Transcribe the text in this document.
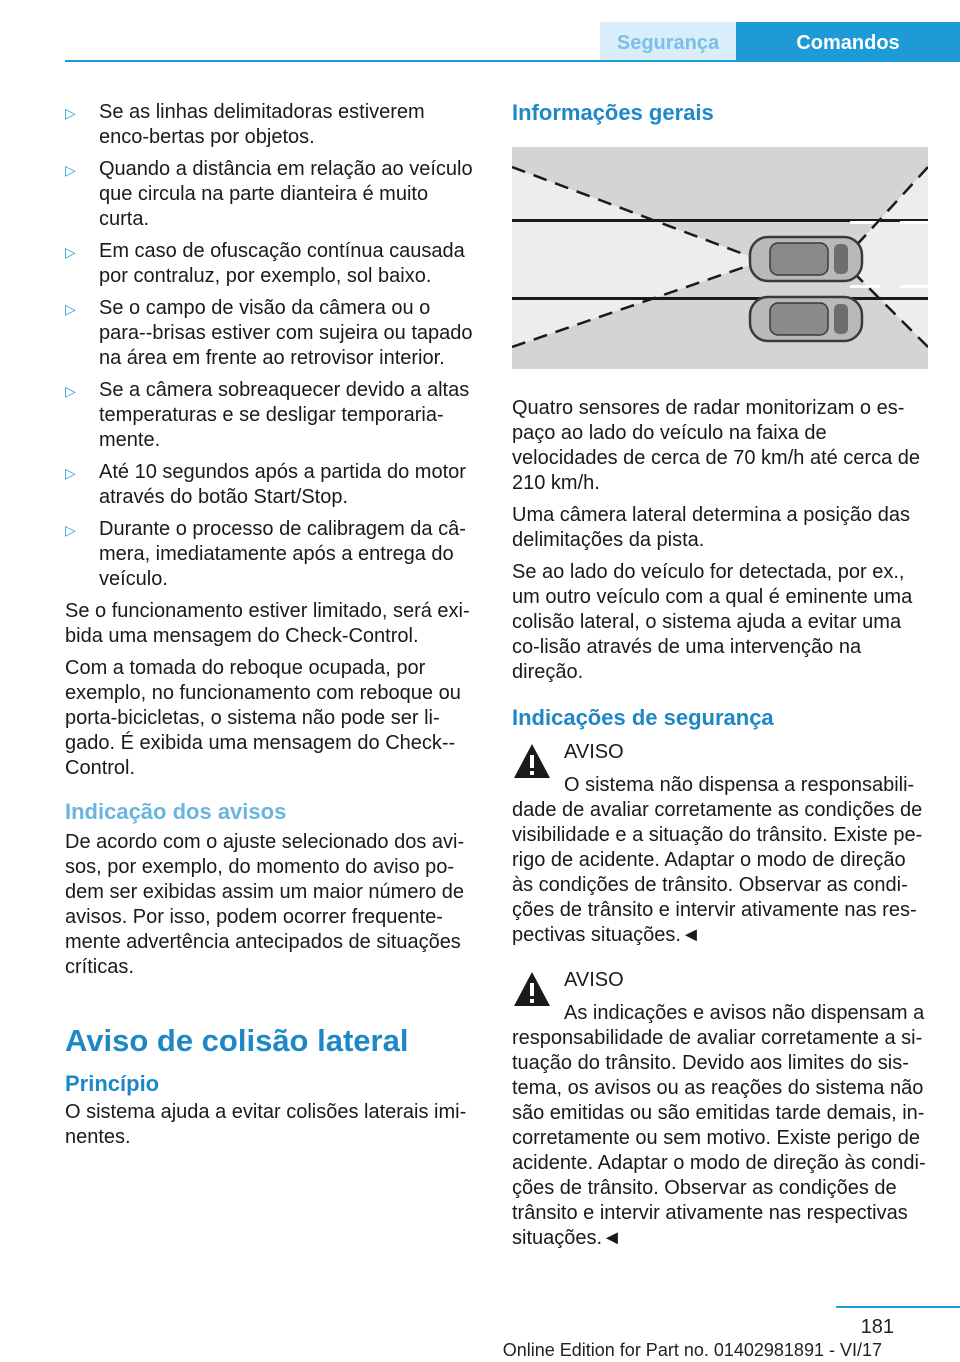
Segurança	Comandos
▷ Se as linhas delimitadoras estiverem enco-bertas por objetos.
▷ Quando a distância em relação ao veículo que circula na parte dianteira é muito curta.
▷ Em caso de ofuscação contínua causada por contraluz, por exemplo, sol baixo.
▷ Se o campo de visão da câmera ou o para--brisas estiver com sujeira ou tapado na área em frente ao retrovisor interior.
▷ Se a câmera sobreaquecer devido a altas temperaturas e se desligar temporaria-mente.
▷ Até 10 segundos após a partida do motor através do botão Start/Stop.
▷ Durante o processo de calibragem da câ-mera, imediatamente após a entrega do veículo.

Se o funcionamento estiver limitado, será exi-bida uma mensagem do Check-Control.

Com a tomada do reboque ocupada, por exemplo, no funcionamento com reboque ou porta-bicicletas, o sistema não pode ser li-gado. É exibida uma mensagem do Check--Control.

Indicação dos avisos

De acordo com o ajuste selecionado dos avi-sos, por exemplo, do momento do aviso po-dem ser exibidas assim um maior número de avisos. Por isso, podem ocorrer frequente-mente advertência antecipados de situações críticas.

Aviso de colisão lateral
Princípio

O sistema ajuda a evitar colisões laterais imi-nentes.

Informações gerais

Quatro sensores de radar monitorizam o es-paço ao lado do veículo na faixa de velocidades de cerca de 70 km/h até cerca de 210 km/h.

Uma câmera lateral determina a posição das delimitações da pista.

Se ao lado do veículo for detectada, por ex., um outro veículo com a qual é eminente uma colisão lateral, o sistema ajuda a evitar uma co-lisão através de uma intervenção na direção.

Indicações de segurança
AVISO
O sistema não dispensa a responsabili-
dade de avaliar corretamente as condições de visibilidade e a situação do trânsito. Existe pe-rigo de acidente. Adaptar o modo de direção às condições de trânsito. Observar as condi-ções de trânsito e intervir ativamente nas res-pectivas situações.◄
AVISO
As indicações e avisos não dispensam a
responsabilidade de avaliar corretamente a si-tuação do trânsito. Devido aos limites do sis-tema, os avisos ou as reações do sistema não são emitidas ou são emitidas tarde demais, in-corretamente ou sem motivo. Existe perigo de acidente. Adaptar o modo de direção às condi-ções de trânsito. Observar as condições de trânsito e intervir ativamente nas respectivas situações.◄
181
Online Edition for Part no. 01402981891 - VI/17
